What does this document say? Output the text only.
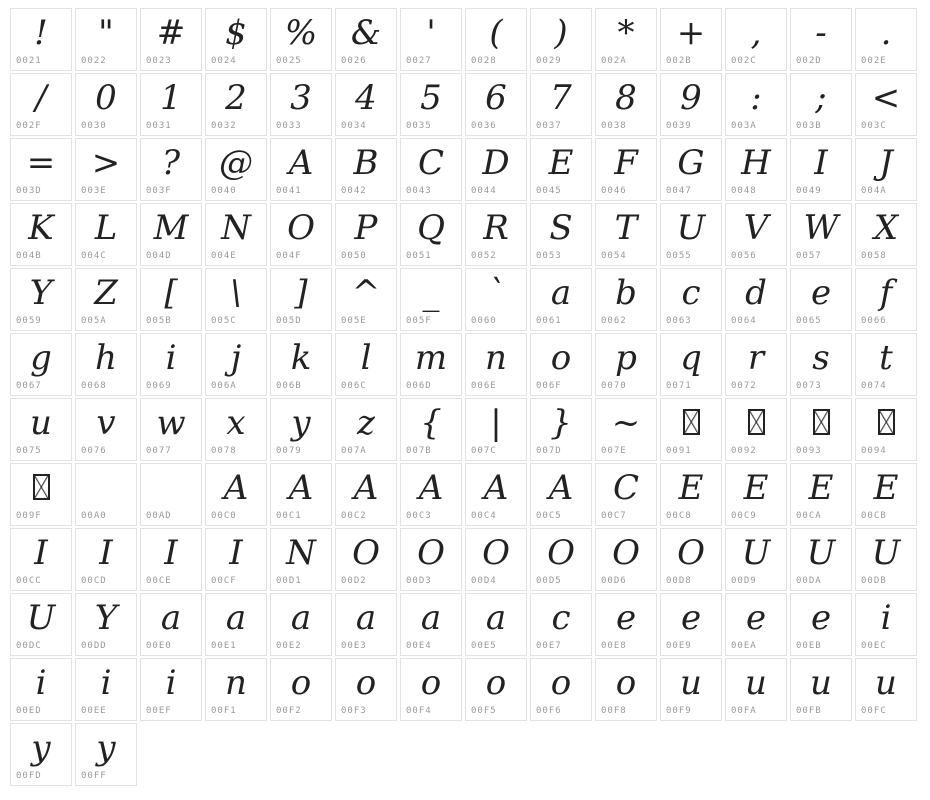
!
0021
"
0022
#
0023
$
0024
%
0025
&
0026
'
0027
(
0028
)
0029
*
002A
+
002B
,
002C
-
002D
.
002E
/
002F
0
0030
1
0031
2
0032
3
0033
4
0034
5
0035
6
0036
7
0037
8
0038
9
0039
:
003A
;
003B
<
003C
=
003D
>
003E
?
003F
@
0040
A
0041
B
0042
C
0043
D
0044
E
0045
F
0046
G
0047
H
0048
I
0049
J
004A
K
004B
L
004C
M
004D
N
004E
O
004F
P
0050
Q
0051
R
0052
S
0053
T
0054
U
0055
V
0056
W
0057
X
0058
Y
0059
Z
005A
[
005B
\
005C
]
005D
^
005E
_
005F
`
0060
a
0061
b
0062
c
0063
d
0064
e
0065
f
0066
g
0067
h
0068
i
0069
j
006A
k
006B
l
006C
m
006D
n
006E
o
006F
p
0070
q
0071
r
0072
s
0073
t
0074
u
0075
v
0076
w
0077
x
0078
y
0079
z
007A
{
007B
|
007C
}
007D
~
007E	0091	0092	0093	0094
009F	00A0	00AD
A
00C0
A
00C1
A
00C2
A
00C3
A
00C4
A
00C5
C
00C7
E
00C8
E
00C9
E
00CA
E
00CB
I
00CC
I
00CD
I
00CE
I
00CF
N
00D1
O
00D2
O
00D3
O
00D4
O
00D5
O
00D6
O
00D8
U
00D9
U
00DA
U
00DB
U
00DC
Y
00DD
a
00E0
a
00E1
a
00E2
a
00E3
a
00E4
a
00E5
c
00E7
e
00E8
e
00E9
e
00EA
e
00EB
i
00EC
i
00ED
i
00EE
i
00EF
n
00F1
o
00F2
o
00F3
o
00F4
o
00F5
o
00F6
o
00F8
u
00F9
u
00FA
u
00FB
u
00FC
y
00FD
y
00FF
